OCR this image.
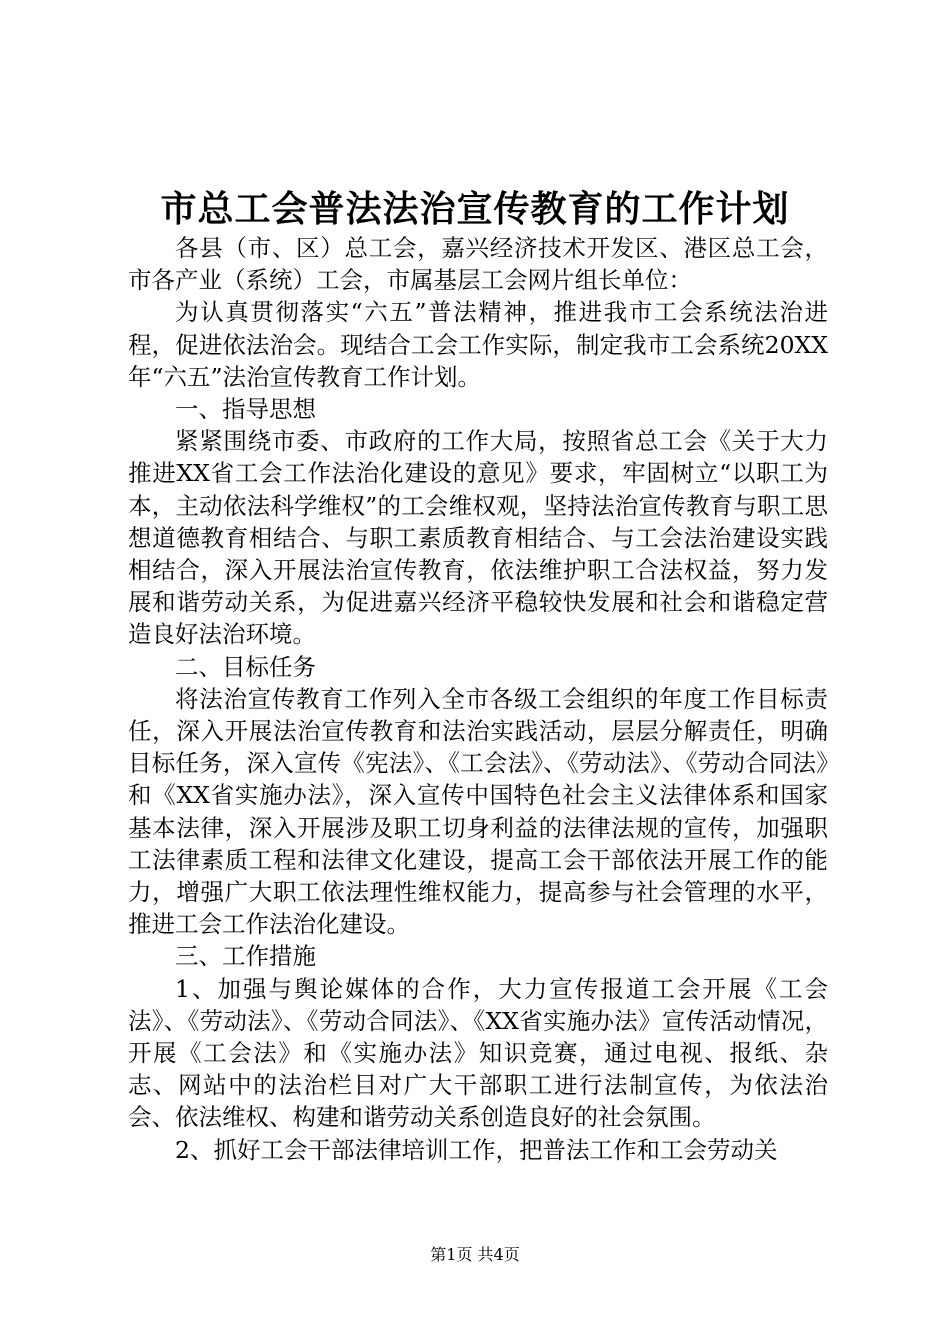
市总工会普法法治宣传教育的工作计划

各县（市、区）总工会，嘉兴经济技术开发区、港区总工会，市各产业（系统）工会，市属基层工会网片组长单位：

为认真贯彻落实“六五”普法精神，推进我市工会系统法治进程，促进依法治会。现结合工会工作实际，制定我市工会系统20XX年“六五”法治宣传教育工作计划。

一、指导思想

紧紧围绕市委、市政府的工作大局，按照省总工会《关于大力推进XX省工会工作法治化建设的意见》要求，牢固树立“以职工为本，主动依法科学维权”的工会维权观，坚持法治宣传教育与职工思想道德教育相结合、与职工素质教育相结合、与工会法治建设实践相结合，深入开展法治宣传教育，依法维护职工合法权益，努力发展和谐劳动关系，为促进嘉兴经济平稳较快发展和社会和谐稳定营造良好法治环境。

二、目标任务

将法治宣传教育工作列入全市各级工会组织的年度工作目标责任，深入开展法治宣传教育和法治实践活动，层层分解责任，明确目标任务，深入宣传《宪法》、《工会法》、《劳动法》、《劳动合同法》和《XX省实施办法》，深入宣传中国特色社会主义法律体系和国家基本法律，深入开展涉及职工切身利益的法律法规的宣传，加强职工法律素质工程和法律文化建设，提高工会干部依法开展工作的能力，增强广大职工依法理性维权能力，提高参与社会管理的水平，推进工会工作法治化建设。

三、工作措施

1、加强与舆论媒体的合作，大力宣传报道工会开展《工会法》、《劳动法》、《劳动合同法》、《XX省实施办法》宣传活动情况，开展《工会法》和《实施办法》知识竞赛，通过电视、报纸、杂志、网站中的法治栏目对广大干部职工进行法制宣传，为依法治会、依法维权、构建和谐劳动关系创造良好的社会氛围。

2、抓好工会干部法律培训工作，把普法工作和工会劳动关

第1页 共4页
